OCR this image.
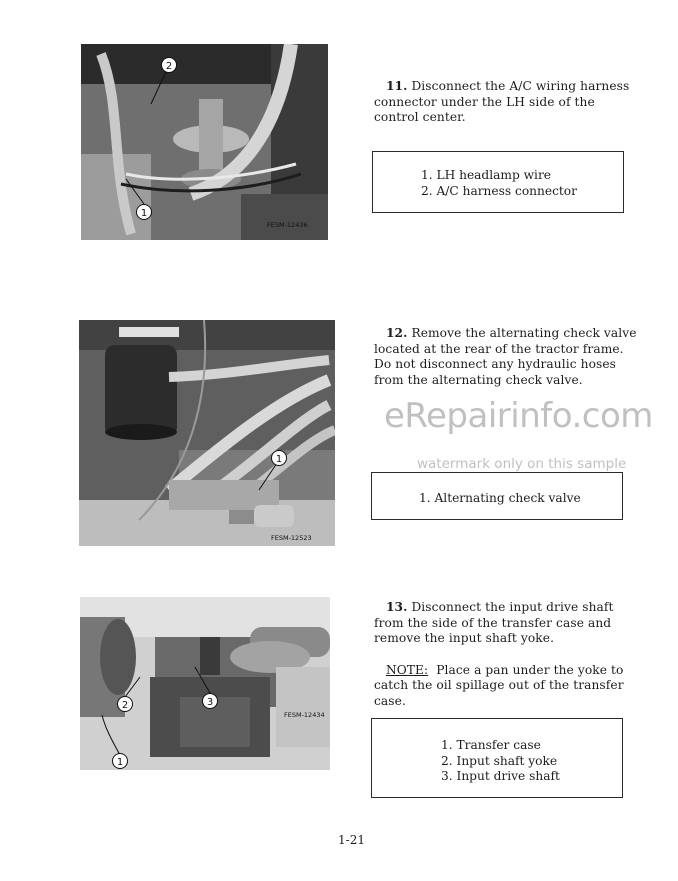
2
1
FESM-12436

11. Disconnect the A/C wiring harness connector under the LH side of the control center.

1. LH headlamp wire
2. A/C harness connector
1
FESM-12523

12. Remove the alternating check valve located at the rear of the tractor frame. Do not disconnect any hydraulic hoses from the alternating check valve.

1. Alternating check valve
2	3
1
FESM-12434

13. Disconnect the input drive shaft from the side of the transfer case and remove the input shaft yoke.

NOTE: Place a pan under the yoke to catch the oil spillage out of the transfer case.

1. Transfer case
2. Input shaft yoke
3. Input drive shaft
eRepairinfo.com
watermark only on this sample
1-21
